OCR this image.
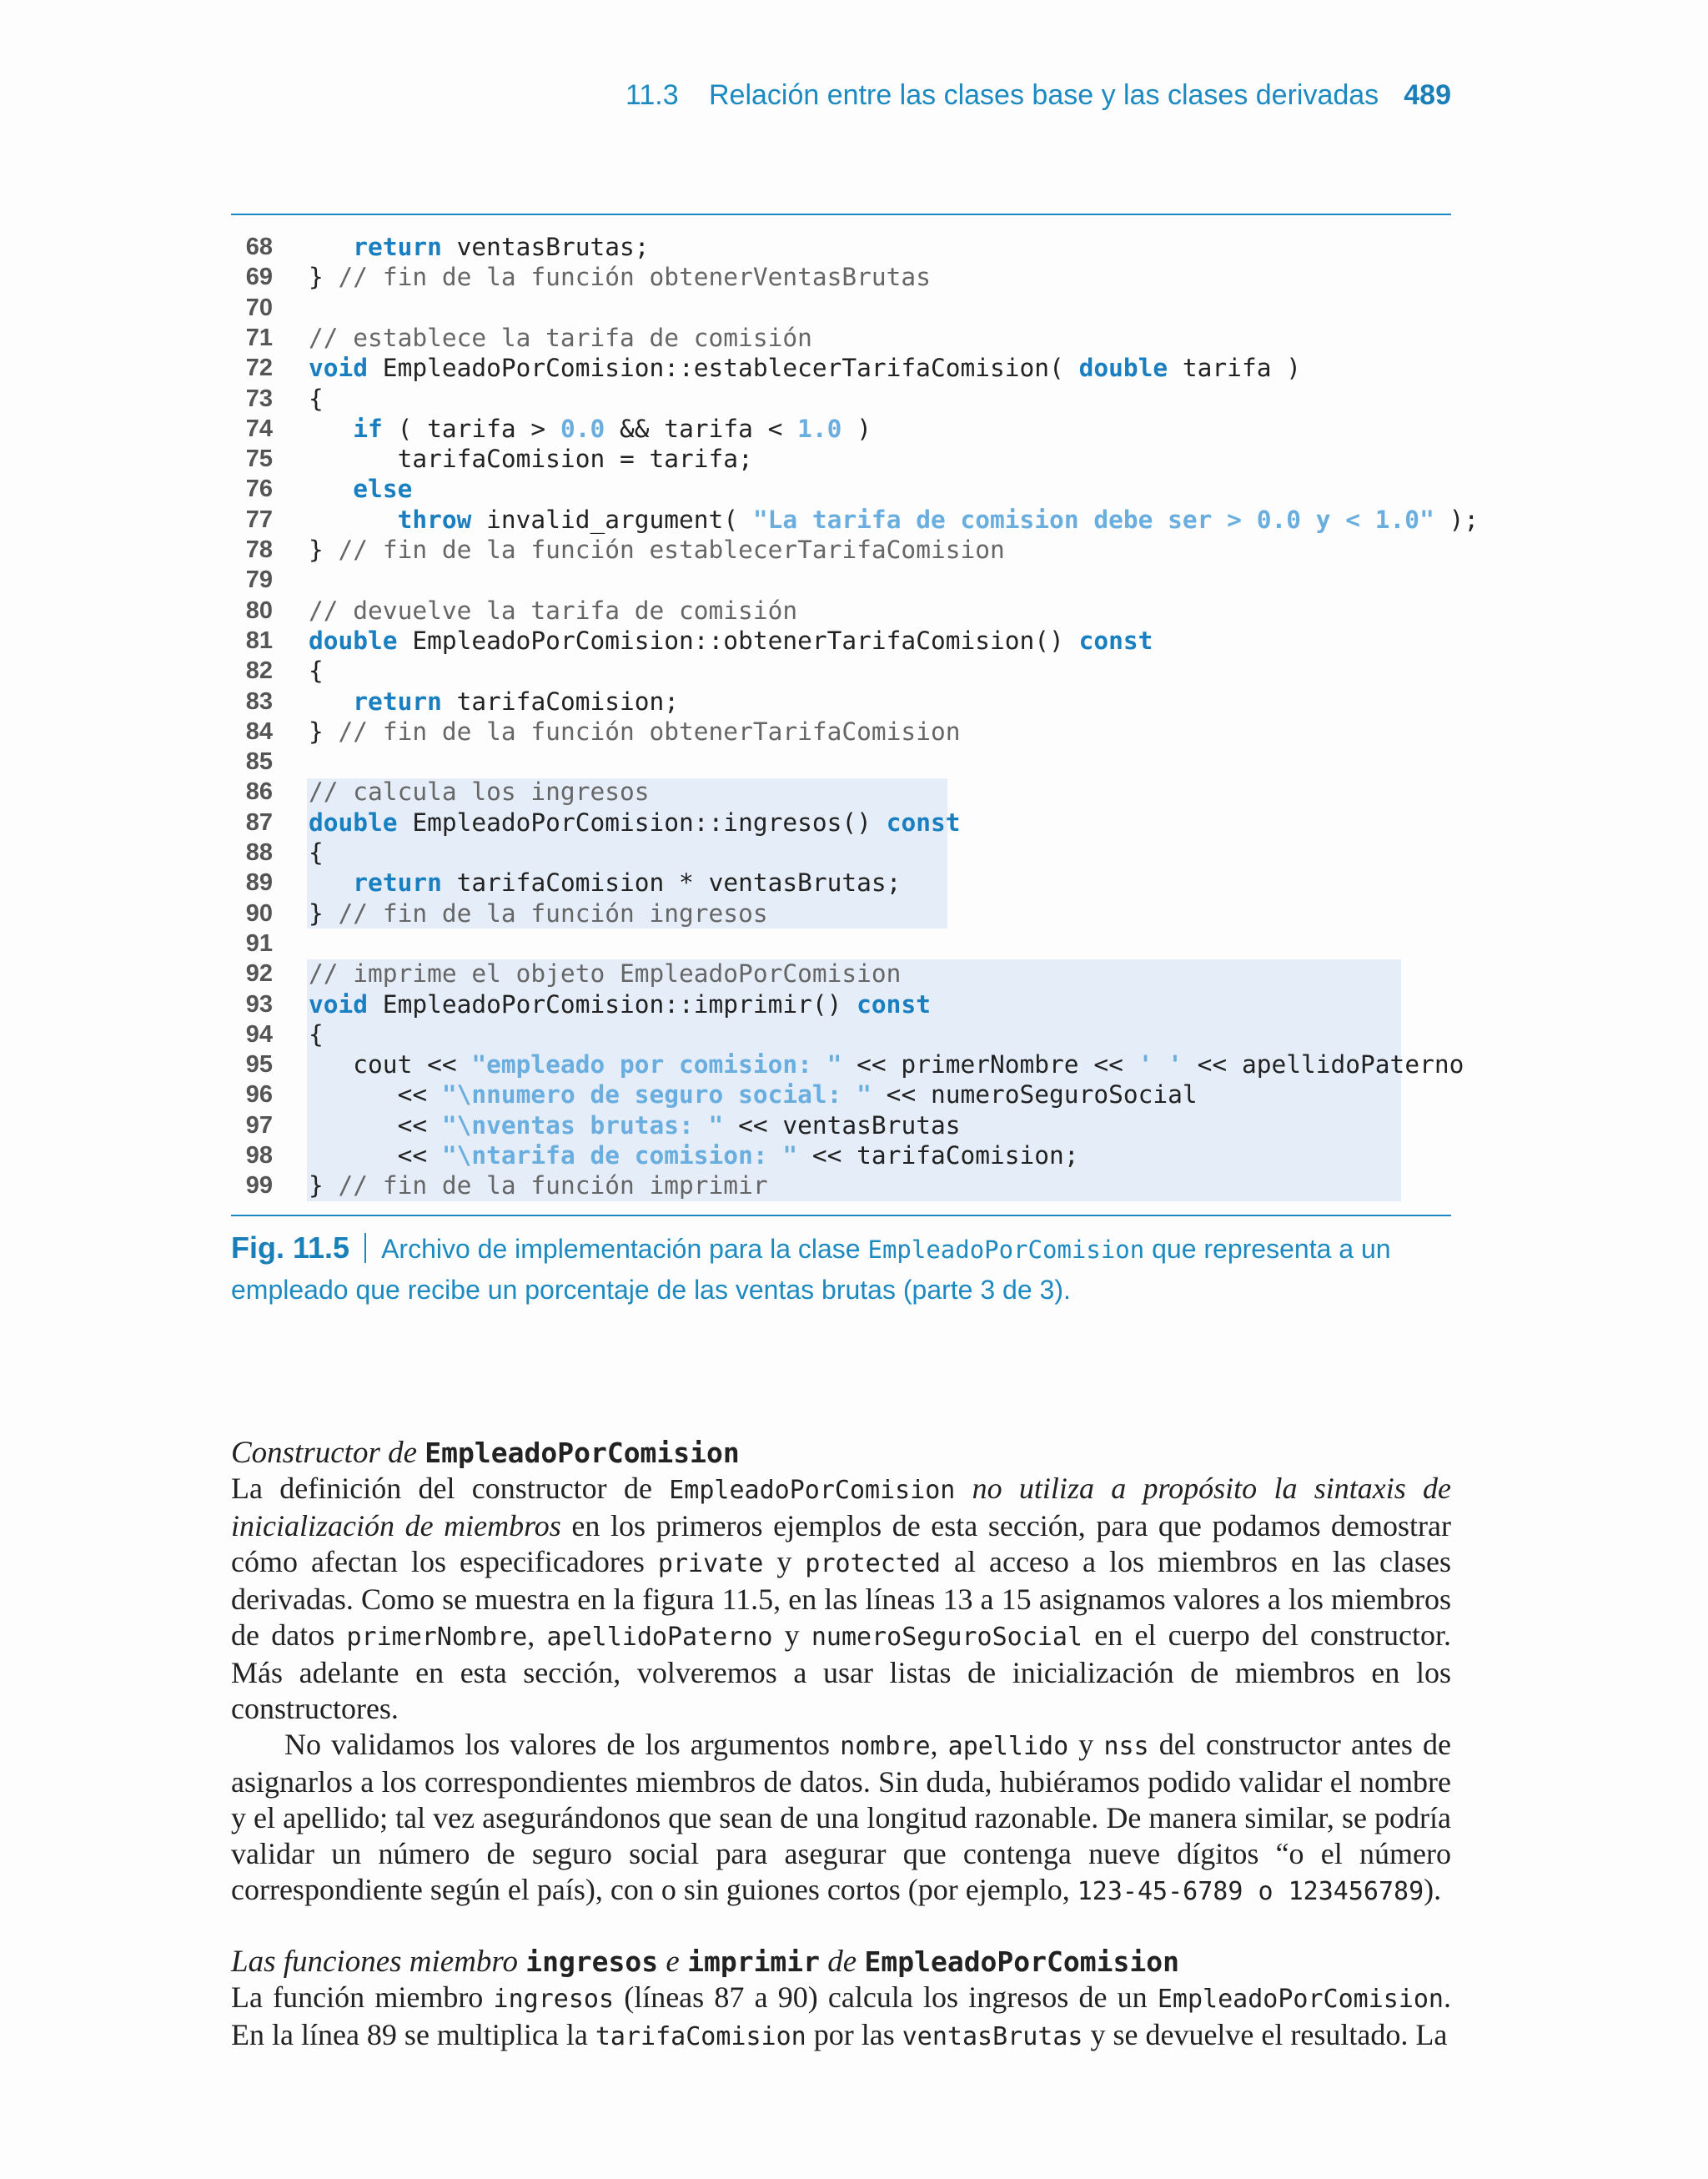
11.3 Relación entre las clases base y las clases derivadas 489
68	return ventasBrutas;
69 } // fin de la función obtenerVentasBrutas
70
71 // establece la tarifa de comisión
72 void EmpleadoPorComision::establecerTarifaComision( double tarifa )
73 {
74	if ( tarifa > 0.0 && tarifa < 1.0 )
75 tarifaComision = tarifa;
76	else
77	throw invalid_argument( "La tarifa de comision debe ser > 0.0 y < 1.0" );
78 } // fin de la función establecerTarifaComision
79
80 // devuelve la tarifa de comisión
81 double EmpleadoPorComision::obtenerTarifaComision() const
82 {
83	return tarifaComision;
84 } // fin de la función obtenerTarifaComision
85
86 // calcula los ingresos
87 double EmpleadoPorComision::ingresos() const
88 {
89	return tarifaComision * ventasBrutas;
90 } // fin de la función ingresos
91
92 // imprime el objeto EmpleadoPorComision
93 void EmpleadoPorComision::imprimir() const
94 {
95 cout << "empleado por comision: " << primerNombre << ' ' << apellidoPaterno
96 << "\nnumero de seguro social: " << numeroSeguroSocial
97 << "\nventas brutas: " << ventasBrutas
98 << "\ntarifa de comision: " << tarifaComision;
99 } // fin de la función imprimir
Fig. 11.5 Archivo de implementación para la clase EmpleadoPorComision que representa a un empleado que recibe un porcentaje de las ventas brutas (parte 3 de 3).
Constructor de EmpleadoPorComision

La definición del constructor de EmpleadoPorComision no utiliza a propósito la sintaxis de inicialización de miembros en los primeros ejemplos de esta sección, para que podamos demostrar cómo afectan los especificadores private y protected al acceso a los miembros en las clases derivadas. Como se muestra en la figura 11.5, en las líneas 13 a 15 asignamos valores a los miembros de datos primerNombre, apellidoPaterno y numeroSeguroSocial en el cuerpo del constructor. Más adelante en esta sección, volveremos a usar listas de inicialización de miembros en los constructores.

No validamos los valores de los argumentos nombre, apellido y nss del constructor antes de asignarlos a los correspondientes miembros de datos. Sin duda, hubiéramos podido validar el nombre y el apellido; tal vez asegurándonos que sean de una longitud razonable. De manera similar, se podría validar un número de seguro social para asegurar que contenga nueve dígitos “o el número correspondiente según el país), con o sin guiones cortos (por ejemplo, 123-45-6789 o 123456789).

Las funciones miembro ingresos e imprimir de EmpleadoPorComision

La función miembro ingresos (líneas 87 a 90) calcula los ingresos de un EmpleadoPorComision. En la línea 89 se multiplica la tarifaComision por las ventasBrutas y se devuelve el resultado. La
